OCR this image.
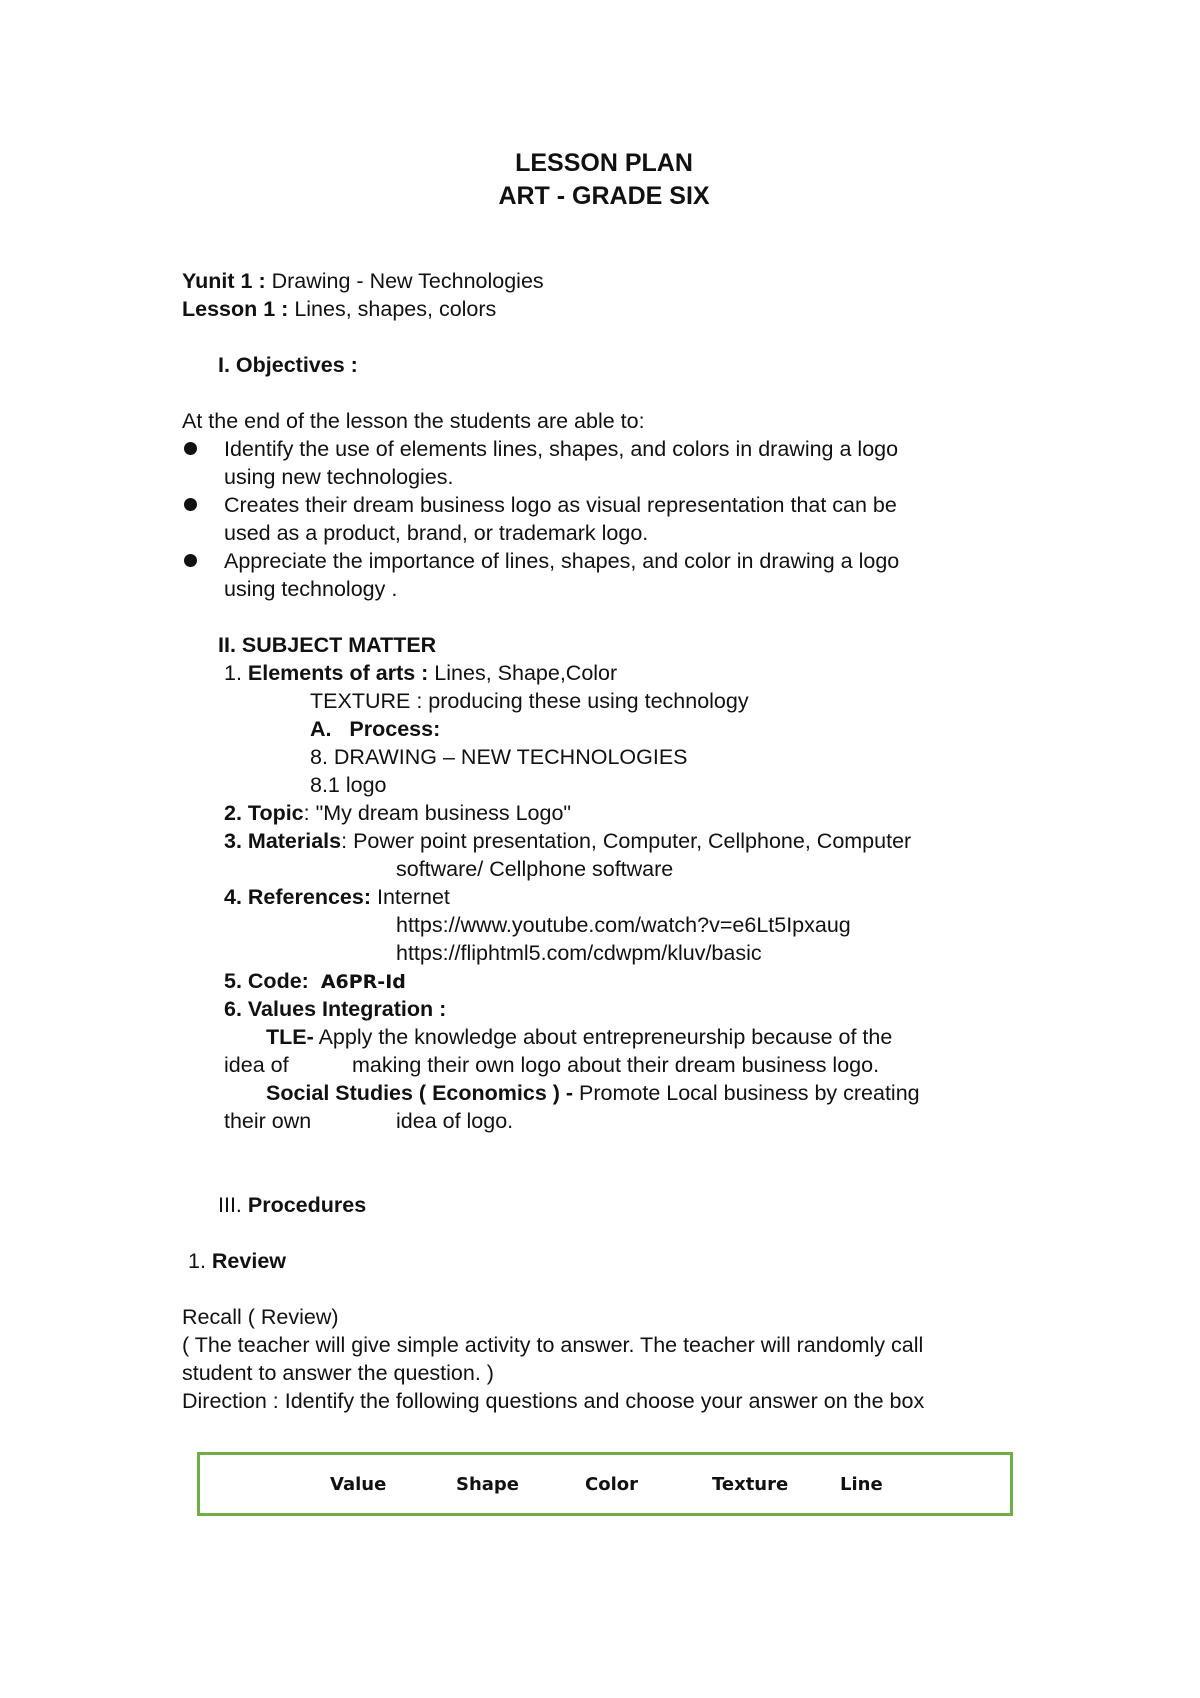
LESSON PLAN
ART - GRADE SIX
Yunit 1 : Drawing - New Technologies
Lesson 1 : Lines, shapes, colors
I. Objectives :
At the end of the lesson the students are able to:
Identify the use of elements lines, shapes, and colors in drawing a logo
using new technologies.
Creates their dream business logo as visual representation that can be
used as a product, brand, or trademark logo.
Appreciate the importance of lines, shapes, and color in drawing a logo
using technology .
II. SUBJECT MATTER
1. Elements of arts : Lines, Shape,Color
TEXTURE : producing these using technology
A.   Process:
8. DRAWING – NEW TECHNOLOGIES
8.1 logo
2. Topic: "My dream business Logo"
3. Materials: Power point presentation, Computer, Cellphone, Computer
software/ Cellphone software
4. References: Internet
https://www.youtube.com/watch?v=e6Lt5Ipxaug
https://fliphtml5.com/cdwpm/kluv/basic
5. Code: A6PR-Id
6. Values Integration :
TLE- Apply the knowledge about entrepreneurship because of the
idea of	making their own logo about their dream business logo.
Social Studies ( Economics ) - Promote Local business by creating
their own	idea of logo.
III. Procedures
1. Review
Recall ( Review)
( The teacher will give simple activity to answer. The teacher will randomly call
student to answer the question. )
Direction : Identify the following questions and choose your answer on the box
Value	Shape	Color	Texture	Line
